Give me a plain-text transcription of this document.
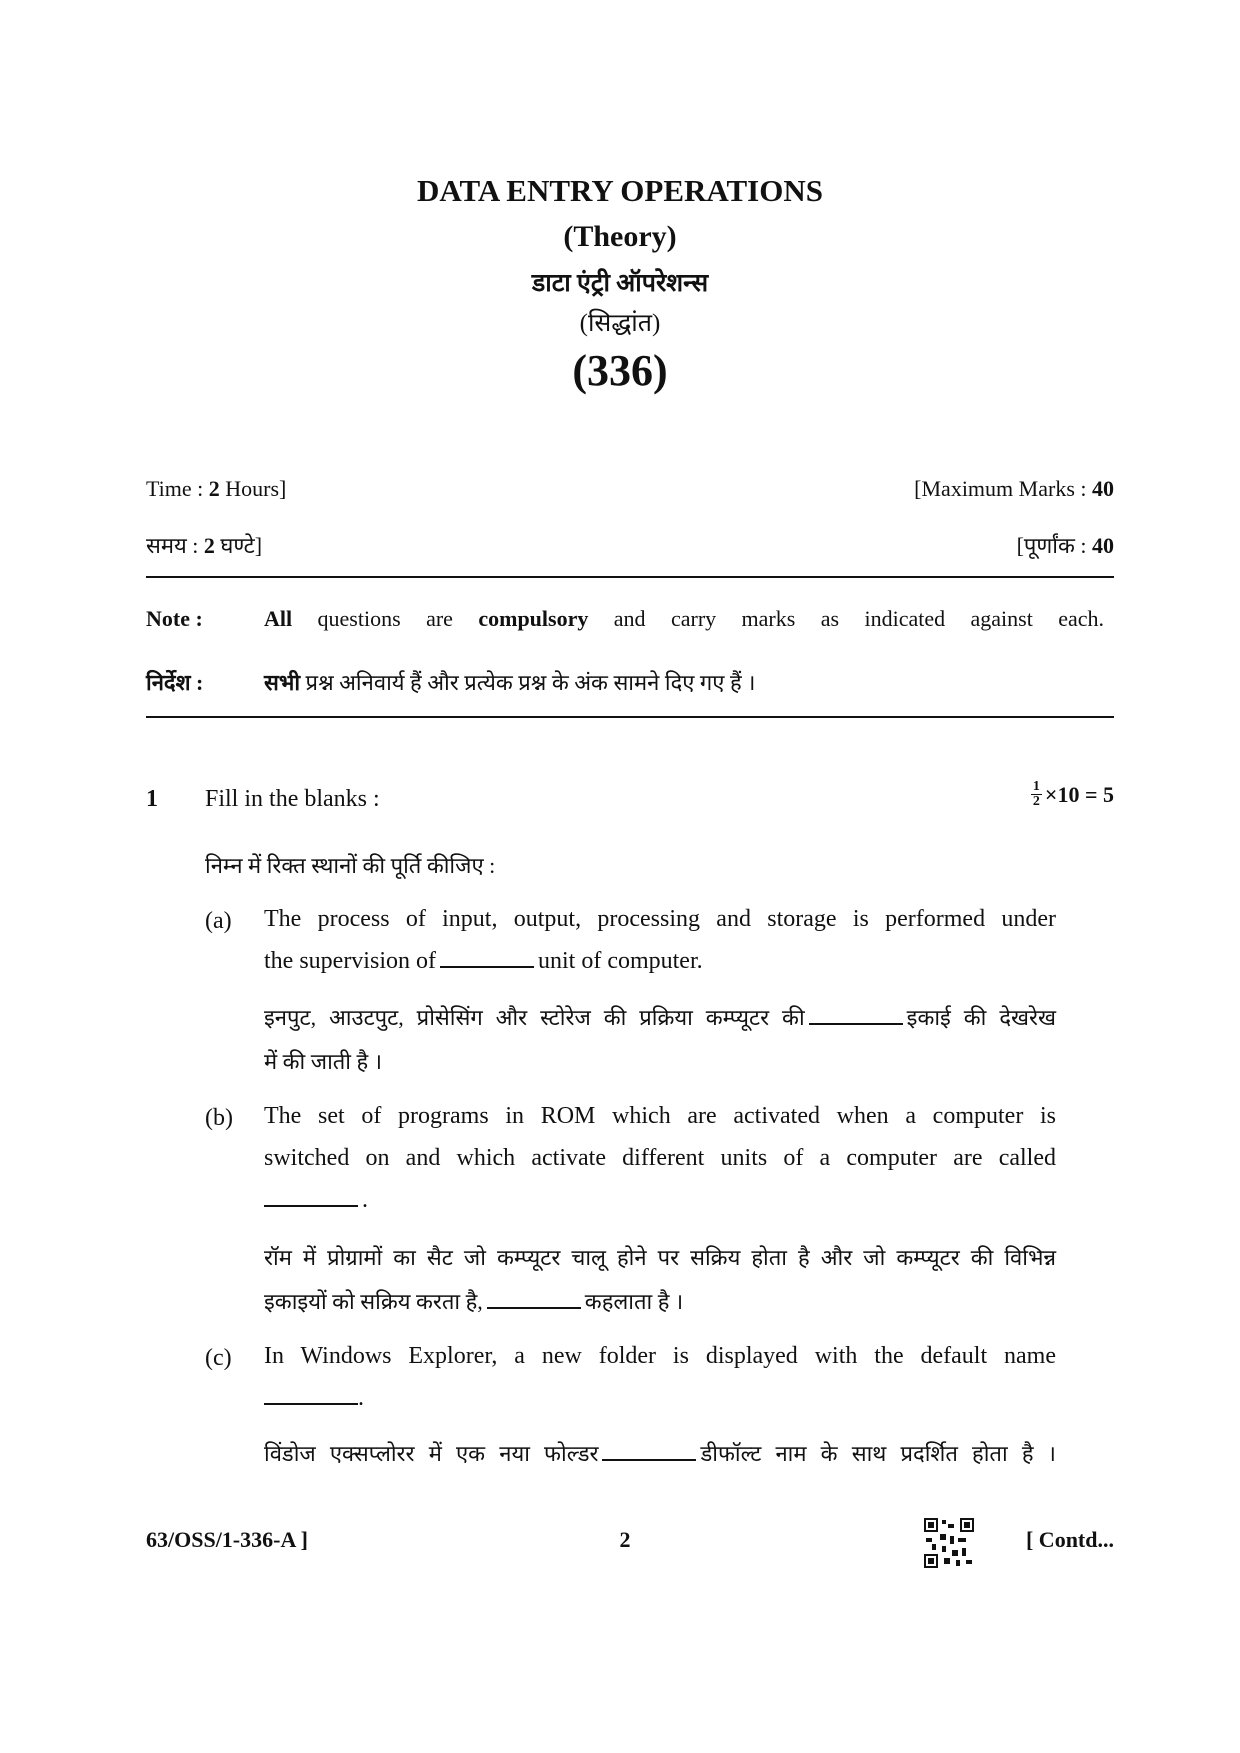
DATA ENTRY OPERATIONS
(Theory)
डाटा एंट्री ऑपरेशन्स
(सिद्धांत)
(336)
Time : 2 Hours]	[Maximum Marks : 40
समय : 2 घण्टे]	[पूर्णांक : 40
Note :	All questions are compulsory and carry marks as indicated against each.
निर्देश :	सभी प्रश्न अनिवार्य हैं और प्रत्येक प्रश्न के अंक सामने दिए गए हैं ।
1 Fill in the blanks :	$\frac{1}{2} \times 10 = 5$
निम्न में रिक्त स्थानों की पूर्ति कीजिए :
(a) The process of input, output, processing and storage is performed under
the supervision of	unit of computer.
इनपुट, आउटपुट, प्रोसेसिंग और स्टोरेज की प्रक्रिया कम्प्यूटर की	इकाई की देखरेख
में की जाती है ।
(b) The set of programs in ROM which are activated when a computer is
switched on and which activate different units of a computer are called
.
रॉम में प्रोग्रामों का सैट जो कम्प्यूटर चालू होने पर सक्रिय होता है और जो कम्प्यूटर की विभिन्न
इकाइयों को सक्रिय करता है,	कहलाता है ।
(c) In Windows Explorer, a new folder is displayed with the default name
.
विंडोज एक्सप्लोरर में एक नया फोल्डर	डीफॉल्ट नाम के साथ प्रदर्शित होता है ।
63/OSS/1-336-A ]	2	[ Contd...
